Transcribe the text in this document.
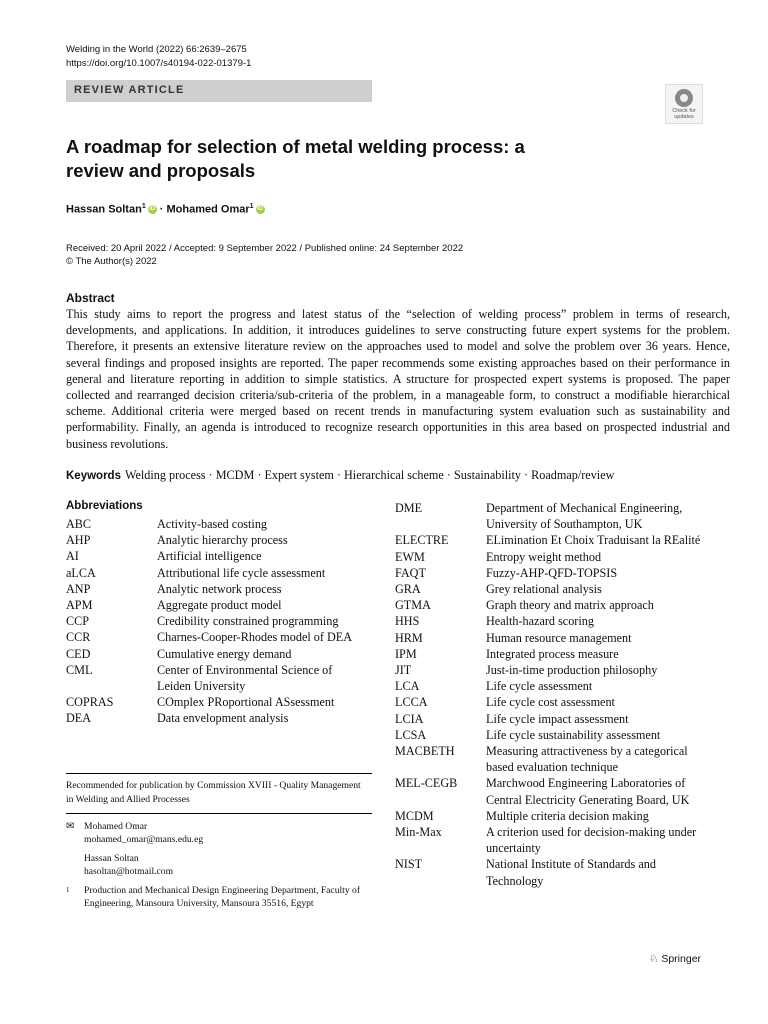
Welding in the World (2022) 66:2639–2675
https://doi.org/10.1007/s40194-022-01379-1
REVIEW ARTICLE
Check for
updates
A roadmap for selection of metal welding process: a review and proposals
Hassan Soltan$^1$ iD · Mohamed Omar$^1$ iD
Received: 20 April 2022 / Accepted: 9 September 2022 / Published online: 24 September 2022
© The Author(s) 2022
Abstract
This study aims to report the progress and latest status of the “selection of welding process” problem in terms of research, developments, and applications. In addition, it introduces guidelines to serve constructing future expert systems for the problem. Therefore, it presents an extensive literature review on the approaches used to model and solve the problem over 36 years. Hence, several findings and proposed insights are reported. The paper recommends some existing approaches based on their performance in general and literature reporting in addition to simple statistics. A structure for prospected expert systems is proposed. The paper collected and rearranged decision criteria/sub-criteria of the problem, in a manageable form, to construct a modifiable hierarchical scheme. Additional criteria were merged based on recent trends in manufacturing system evaluation such as sustainability and performability. Finally, an agenda is introduced to recognize research opportunities in this area based on prospected industrial and business revolutions.
Keywords Welding process · MCDM · Expert system · Hierarchical scheme · Sustainability · Roadmap/review
Abbreviations
ABC	Activity-based costing
AHP	Analytic hierarchy process
AI	Artificial intelligence
aLCA	Attributional life cycle assessment
ANP	Analytic network process
APM	Aggregate product model
CCP	Credibility constrained programming
CCR	Charnes-Cooper-Rhodes model of DEA
CED	Cumulative energy demand
CML	Center of Environmental Science of Leiden University
COPRAS	COmplex PRoportional ASsessment
DEA	Data envelopment analysis
DME	Department of Mechanical Engineering, University of Southampton, UK
ELECTRE	ELimination Et Choix Traduisant la REalité
EWM	Entropy weight method
FAQT	Fuzzy-AHP-QFD-TOPSIS
GRA	Grey relational analysis
GTMA	Graph theory and matrix approach
HHS	Health-hazard scoring
HRM	Human resource management
IPM	Integrated process measure
JIT	Just-in-time production philosophy
LCA	Life cycle assessment
LCCA	Life cycle cost assessment
LCIA	Life cycle impact assessment
LCSA	Life cycle sustainability assessment
MACBETH	Measuring attractiveness by a categorical based evaluation technique
MEL-CEGB	Marchwood Engineering Laboratories of Central Electricity Generating Board, UK
MCDM	Multiple criteria decision making
Min-Max	A criterion used for decision-making under uncertainty
NIST	National Institute of Standards and Technology
Recommended for publication by Commission XVIII - Quality Management in Welding and Allied Processes
✉ Mohamed Omar
mohamed_omar@mans.edu.eg
Hassan Soltan
hasoltan@hotmail.com
1 Production and Mechanical Design Engineering Department, Faculty of Engineering, Mansoura University, Mansoura 35516, Egypt
♘ Springer
